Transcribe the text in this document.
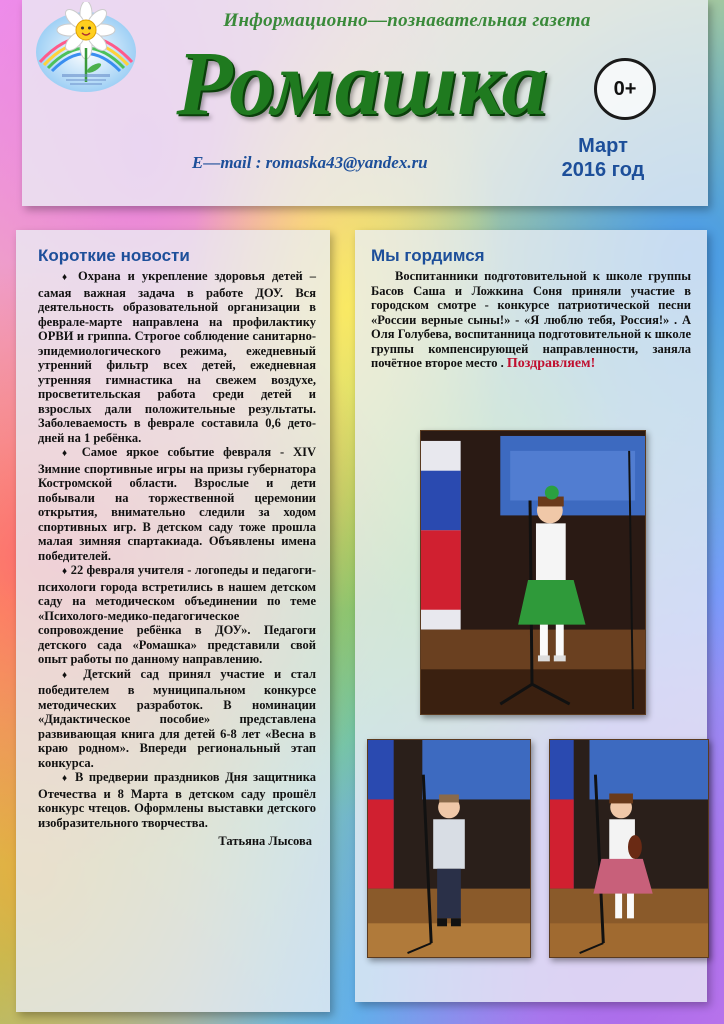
Информационно—познавательная газета
Ромашка	0+
E—mail : romaska43@yandex.ru
Март
2016 год
Короткие новости

♦ Охрана и укрепление здоровья детей – самая важная задача в работе ДОУ. Вся деятельность образовательной организации в феврале-марте направлена на профилактику ОРВИ и гриппа. Строгое соблюдение санитарно-эпидемиологического режима, ежедневный утренний фильтр всех детей, ежедневная утренняя гимнастика на свежем воздухе, просветительская работа среди детей и взрослых дали положительные результаты. Заболеваемость в феврале составила 0,6 дето-дней на 1 ребёнка.

♦ Самое яркое событие февраля - XIV Зимние спортивные игры на призы губернатора Костромской области. Взрослые и дети побывали на торжественной церемонии открытия, внимательно следили за ходом спортивных игр. В детском саду тоже прошла малая зимняя спартакиада. Объявлены имена победителей.

♦ 22 февраля учителя - логопеды и педагоги-психологи города встретились в нашем детском саду на методическом объединении по теме «Психолого-медико-педагогическое сопровождение ребёнка в ДОУ». Педагоги детского сада «Ромашка» представили свой опыт работы по данному направлению.

♦ Детский сад принял участие и стал победителем в муниципальном конкурсе методических разработок. В номинации «Дидактическое пособие» представлена развивающая книга для детей 6-8 лет «Весна в краю родном». Впереди региональный этап конкурса.

♦ В предверии праздников Дня защитника Отечества и 8 Марта в детском саду прошёл конкурс чтецов. Оформлены выставки детского изобразительного творчества.

Татьяна Лысова
Мы гордимся

Воспитанники подготовительной к школе группы Басов Саша и Ложкина Соня приняли участие в городском смотре - конкурсе патриотической песни «России верные сыны!» - «Я люблю тебя, Россия!» . А Оля Голубева, воспитанница подготовительной к школе группы компенсирующей направленности, заняла почётное второе место . Поздравляем!
